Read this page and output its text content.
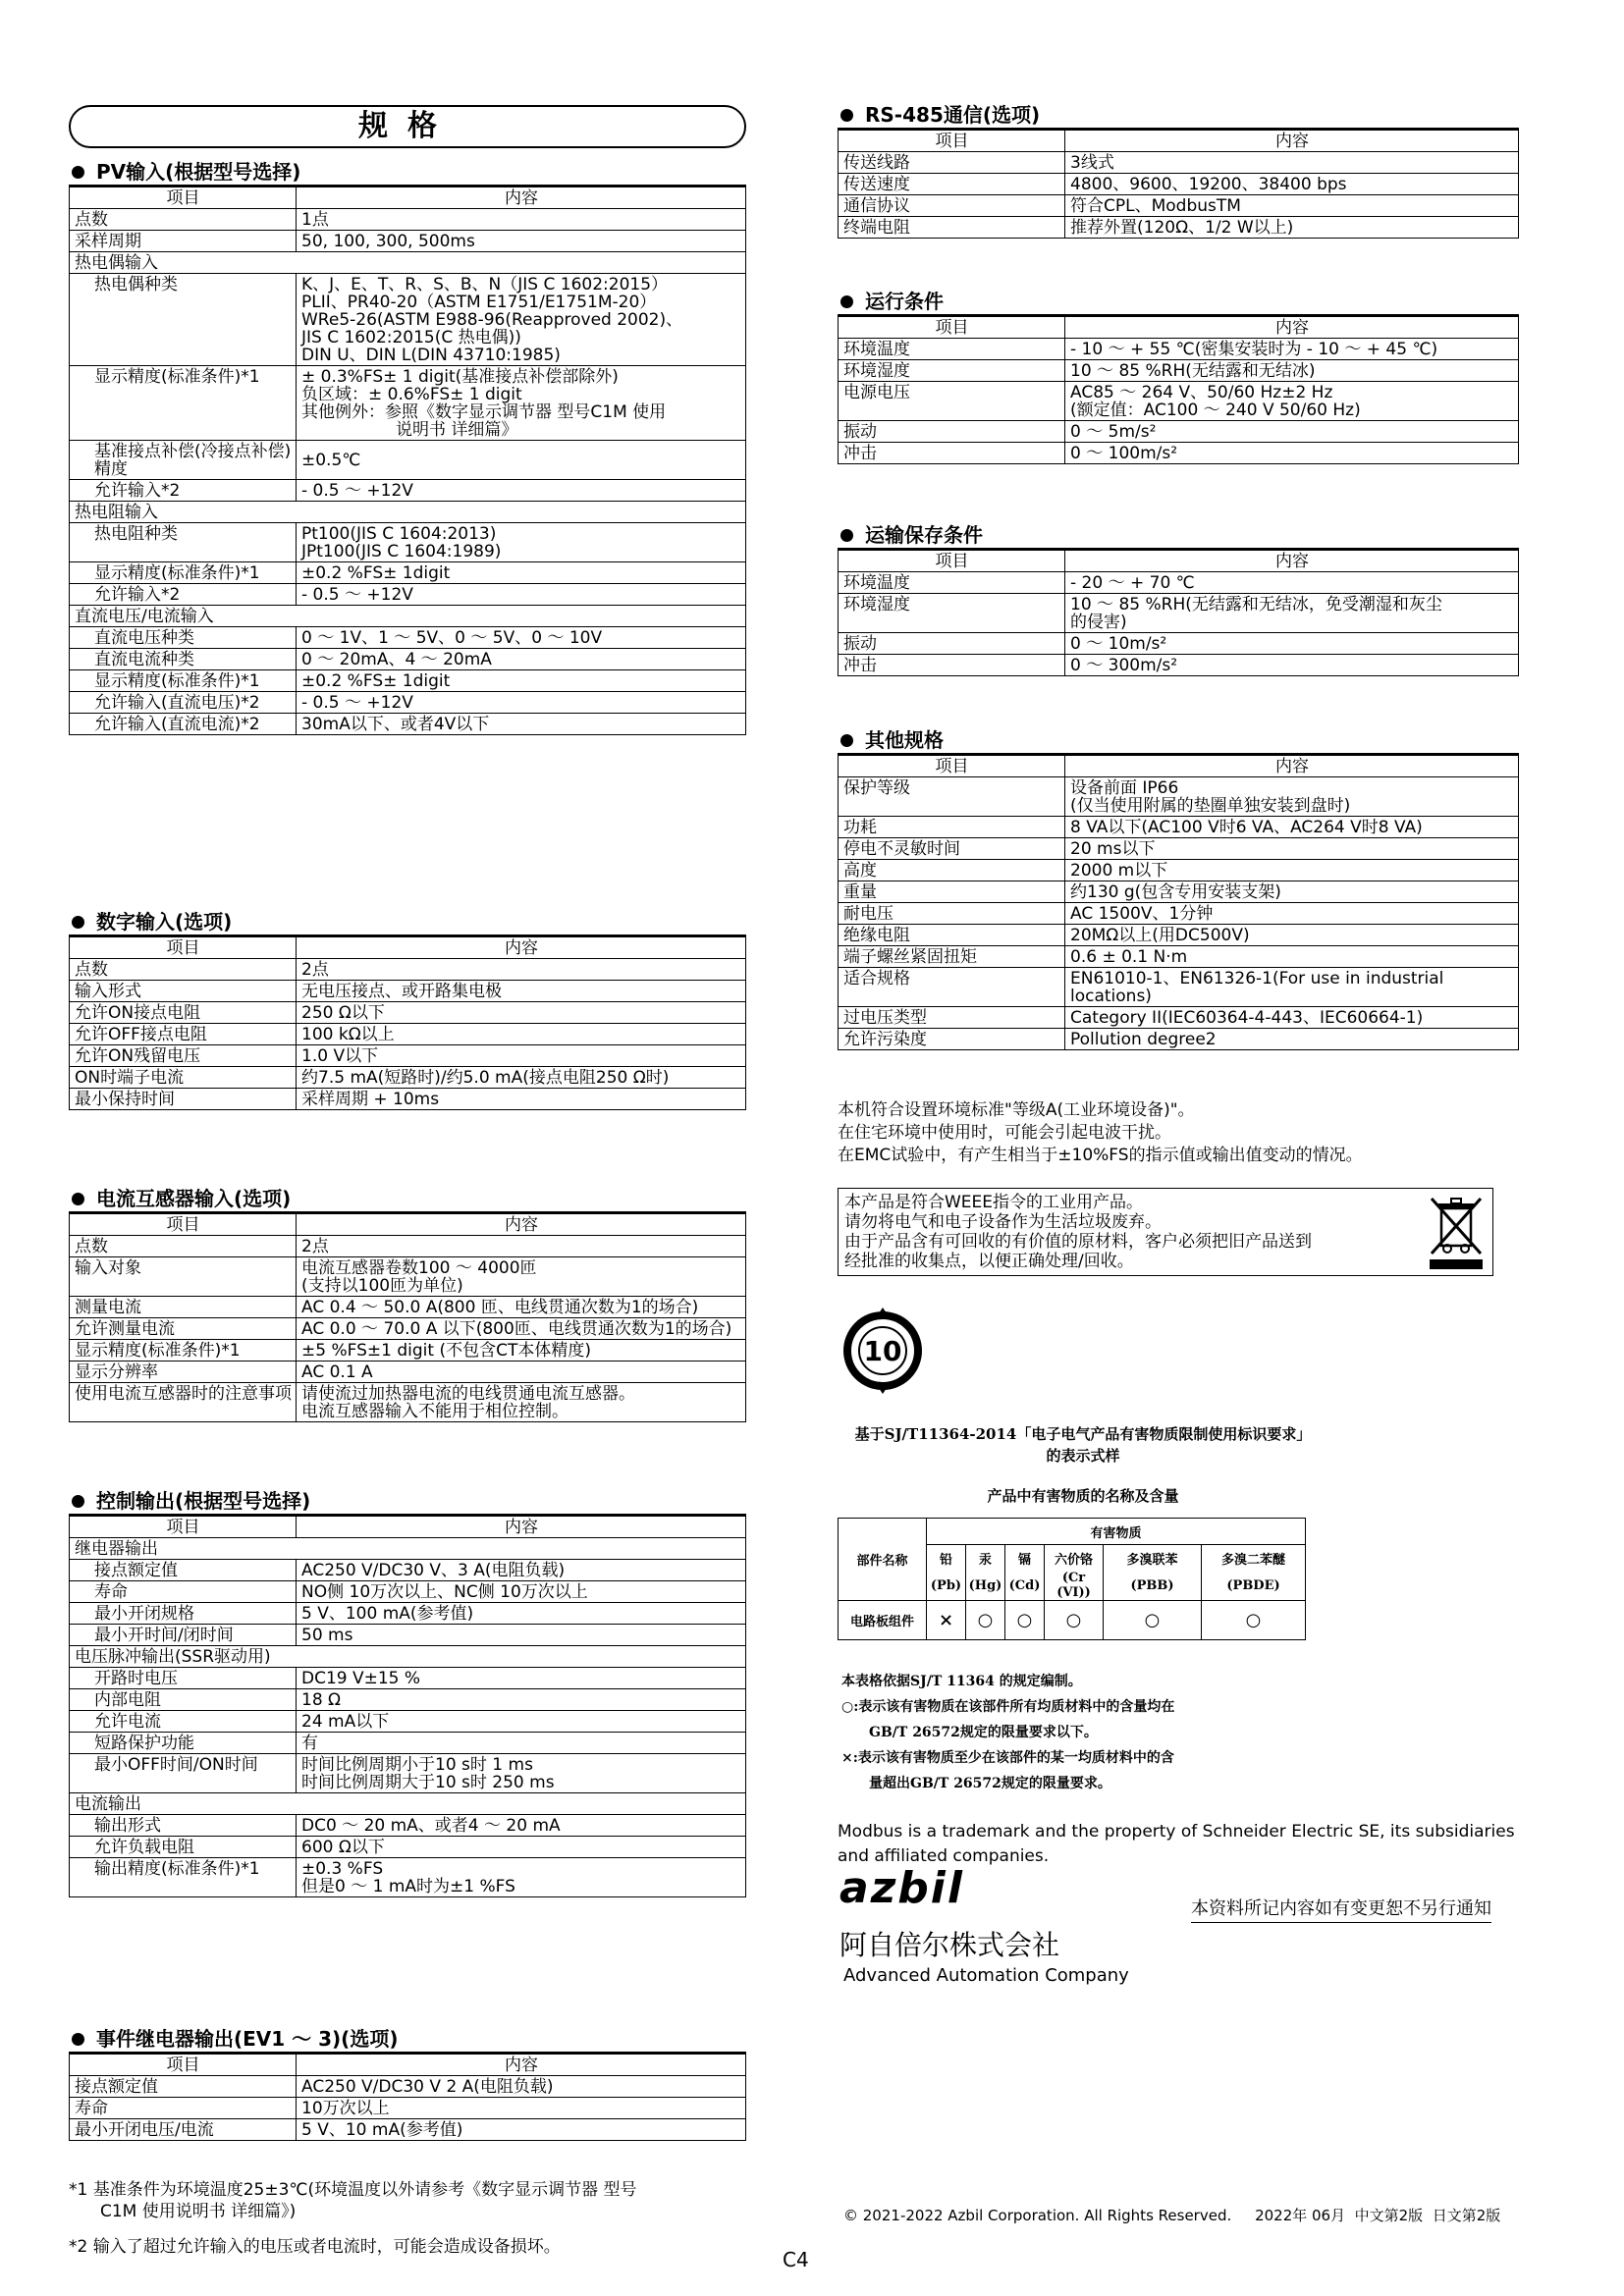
规格
PV输入(根据型号选择)
项目	内容
点数	1点
采样周期	50, 100, 300, 500ms
热电偶输入	
热电偶种类	K、J、E、T、R、S、B、N（JIS C 1602:2015）
PLII、PR40-20（ASTM E1751/E1751M-20）
WRe5-26(ASTM E988-96(Reapproved 2002)、
JIS C 1602:2015(C 热电偶))
DIN U、DIN L(DIN 43710:1985)

显示精度(标准条件)*1	± 0.3%FS± 1 digit(基准接点补偿部除外)
负区域：± 0.6%FS± 1 digit
其他例外：参照《数字显示调节器 型号C1M 使用
说明书 详细篇》

基准接点补偿(冷接点补偿)精度	±0.5℃
允许输入*2	- 0.5 ～ +12V
热电阻输入	
热电阻种类	Pt100(JIS C 1604:2013)
JPt100(JIS C 1604:1989)

显示精度(标准条件)*1	±0.2 %FS± 1digit
允许输入*2	- 0.5 ～ +12V
直流电压/电流输入	
直流电压种类	0 ～ 1V、1 ～ 5V、0 ～ 5V、0 ～ 10V
直流电流种类	0 ～ 20mA、4 ～ 20mA
显示精度(标准条件)*1	±0.2 %FS± 1digit
允许输入(直流电压)*2	- 0.5 ～ +12V
允许输入(直流电流)*2	30mA以下、或者4V以下
数字输入(选项)
项目	内容
点数	2点
输入形式	无电压接点、或开路集电极
允许ON接点电阻	250 Ω以下
允许OFF接点电阻	100 kΩ以上
允许ON残留电压	1.0 V以下
ON时端子电流	约7.5 mA(短路时)/约5.0 mA(接点电阻250 Ω时)
最小保持时间	采样周期 + 10ms
电流互感器输入(选项)
项目	内容
点数	2点
输入对象	电流互感器卷数100 ～ 4000匝
(支持以100匝为单位)

测量电流	AC 0.4 ～ 50.0 A(800 匝、电线贯通次数为1的场合)
允许测量电流	AC 0.0 ～ 70.0 A 以下(800匝、电线贯通次数为1的场合)
显示精度(标准条件)*1	±5 %FS±1 digit (不包含CT本体精度)
显示分辨率	AC 0.1 A
使用电流互感器时的注意事项	请使流过加热器电流的电线贯通电流互感器。
电流互感器输入不能用于相位控制。
控制输出(根据型号选择)
项目	内容
继电器输出	
接点额定值	AC250 V/DC30 V、3 A(电阻负载)
寿命	NO侧 10万次以上、NC侧 10万次以上
最小开闭规格	5 V、100 mA(参考值)
最小开时间/闭时间	50 ms
电压脉冲输出(SSR驱动用)	
开路时电压	DC19 V±15 %
内部电阻	18 Ω
允许电流	24 mA以下
短路保护功能	有
最小OFF时间/ON时间	时间比例周期小于10 s时 1 ms
时间比例周期大于10 s时 250 ms

电流输出	
输出形式	DC0 ～ 20 mA、或者4 ～ 20 mA
允许负载电阻	600 Ω以下
输出精度(标准条件)*1	±0.3 %FS
但是0 ～ 1 mA时为±1 %FS
事件继电器输出(EV1 ～ 3)(选项)
项目	内容
接点额定值	AC250 V/DC30 V 2 A(电阻负载)
寿命	10万次以上
最小开闭电压/电流	5 V、10 mA(参考值)
*1 基准条件为环境温度25±3℃(环境温度以外请参考《数字显示调节器 型号
C1M 使用说明书 详细篇》)
*2 输入了超过允许输入的电压或者电流时，可能会造成设备损坏。
RS-485通信(选项)
项目	内容
传送线路	3线式
传送速度	4800、9600、19200、38400 bps
通信协议	符合CPL、ModbusTM
终端电阻	推荐外置(120Ω、1/2 W以上)
运行条件
项目	内容
环境温度	- 10 ～ + 55 ℃(密集安装时为 - 10 ～ + 45 ℃)
环境湿度	10 ～ 85 %RH(无结露和无结冰)
电源电压	AC85 ～ 264 V、50/60 Hz±2 Hz
(额定值：AC100 ～ 240 V 50/60 Hz)

振动	0 ～ 5m/s²
冲击	0 ～ 100m/s²
运输保存条件
项目	内容
环境温度	- 20 ～ + 70 ℃
环境湿度	10 ～ 85 %RH(无结露和无结冰，免受潮湿和灰尘
的侵害)

振动	0 ～ 10m/s²
冲击	0 ～ 300m/s²
其他规格
项目	内容
保护等级	设备前面 IP66
(仅当使用附属的垫圈单独安装到盘时)

功耗	8 VA以下(AC100 V时6 VA、AC264 V时8 VA)
停电不灵敏时间	20 ms以下
高度	2000 m以下
重量	约130 g(包含专用安装支架)
耐电压	AC 1500V、1分钟
绝缘电阻	20MΩ以上(用DC500V)
端子螺丝紧固扭矩	0.6 ± 0.1 N·m
适合规格	EN61010-1、EN61326-1(For use in industrial
locations)

过电压类型	Category II(IEC60364-4-443、IEC60664-1)
允许污染度	Pollution degree2
本机符合设置环境标准"等级A(工业环境设备)"。
在住宅环境中使用时，可能会引起电波干扰。
在EMC试验中，有产生相当于±10%FS的指示值或输出值变动的情况。
本产品是符合WEEE指令的工业用产品。
请勿将电气和电子设备作为生活垃圾废弃。
由于产品含有可回收的有价值的原材料，客户必须把旧产品送到
经批准的收集点，以便正确处理/回收。
10
基于SJ/T11364-2014「电子电气产品有害物质限制使用标识要求」
的表示式样
产品中有害物质的名称及含量
部件名称	有害物质					
	铅	汞	镉	六价铬	多溴联苯	多溴二苯醚
	(Pb)	(Hg)	(Cd)	(Cr (VI))	(PBB)	(PBDE)
电路板组件	×	○	○	○	○	○
本表格依据SJ/T 11364 的规定编制。
○:表示该有害物质在该部件所有均质材料中的含量均在
GB/T 26572规定的限量要求以下。
×:表示该有害物质至少在该部件的某一均质材料中的含
量超出GB/T 26572规定的限量要求。
Modbus is a trademark and the property of Schneider Electric SE, its subsidiaries
and affiliated companies.
azbil	本资料所记内容如有变更恕不另行通知
阿自倍尔株式会社
Advanced Automation Company
© 2021-2022 Azbil Corporation. All Rights Reserved.     2022年 06月  中文第2版  日文第2版
C4
